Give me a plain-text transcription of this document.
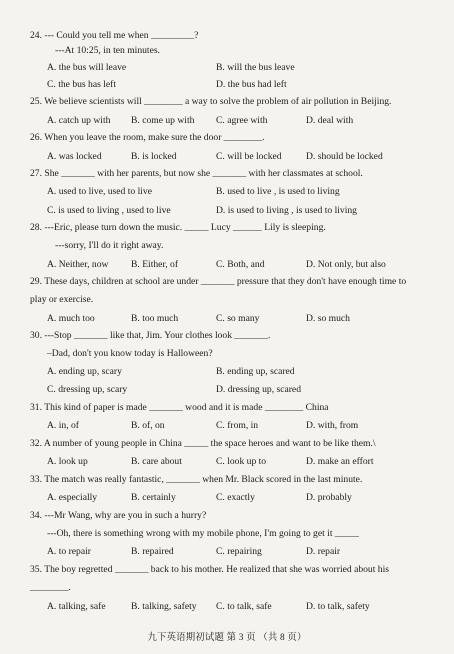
24. --- Could you tell me when _________?
---At 10:25, in ten minutes.
A. the bus will leave	B. will the bus leave
C. the bus has left	D. the bus had left
25. We believe scientists will ________ a way to solve the problem of air pollution in Beijing.
A. catch up with B. come up with C. agree with	D. deal with
26. When you leave the room, make sure the door ________.
A. was locked	B. is locked	C. will be locked	D. should be locked
27. She _______ with her parents, but now she _______ with her classmates at school.
A. used to live, used to live	B. used to live , is used to living
C. is used to living , used to live	D. is used to living , is used to living
28. ---Eric, please turn down the music. _____ Lucy ______ Lily is sleeping.
---sorry, I'll do it right away.
A. Neither, now B. Either, of	C. Both, and	D. Not only, but also
29. These days, children at school are under _______ pressure that they don't have enough time to
play or exercise.
A. much too	B. too much	C. so many	D. so much
30. ---Stop _______ like that, Jim. Your clothes look _______.
–Dad, don't you know today is Halloween?
A. ending up, scary	B. ending up, scared
C. dressing up, scary	D. dressing up, scared
31. This kind of paper is made _______ wood and it is made ________ China
A. in, of	B. of, on	C. from, in	D. with, from
32. A number of young people in China _____ the space heroes and want to be like them.\
A. look up	B. care about	C. look up to	D. make an effort
33. The match was really fantastic, _______ when Mr. Black scored in the last minute.
A. especially	B. certainly	C. exactly	D. probably
34. ---Mr Wang, why are you in such a hurry?
---Oh, there is something wrong with my mobile phone, I'm going to get it _____
A. to repair	B. repaired	C. repairing	D. repair
35. The boy regretted _______ back to his mother. He realized that she was worried about his
________.
A. talking, safe	B. talking, safety C. to talk, safe	D. to talk, safety
九下英语期初试题 第 3 页 （共 8 页）
